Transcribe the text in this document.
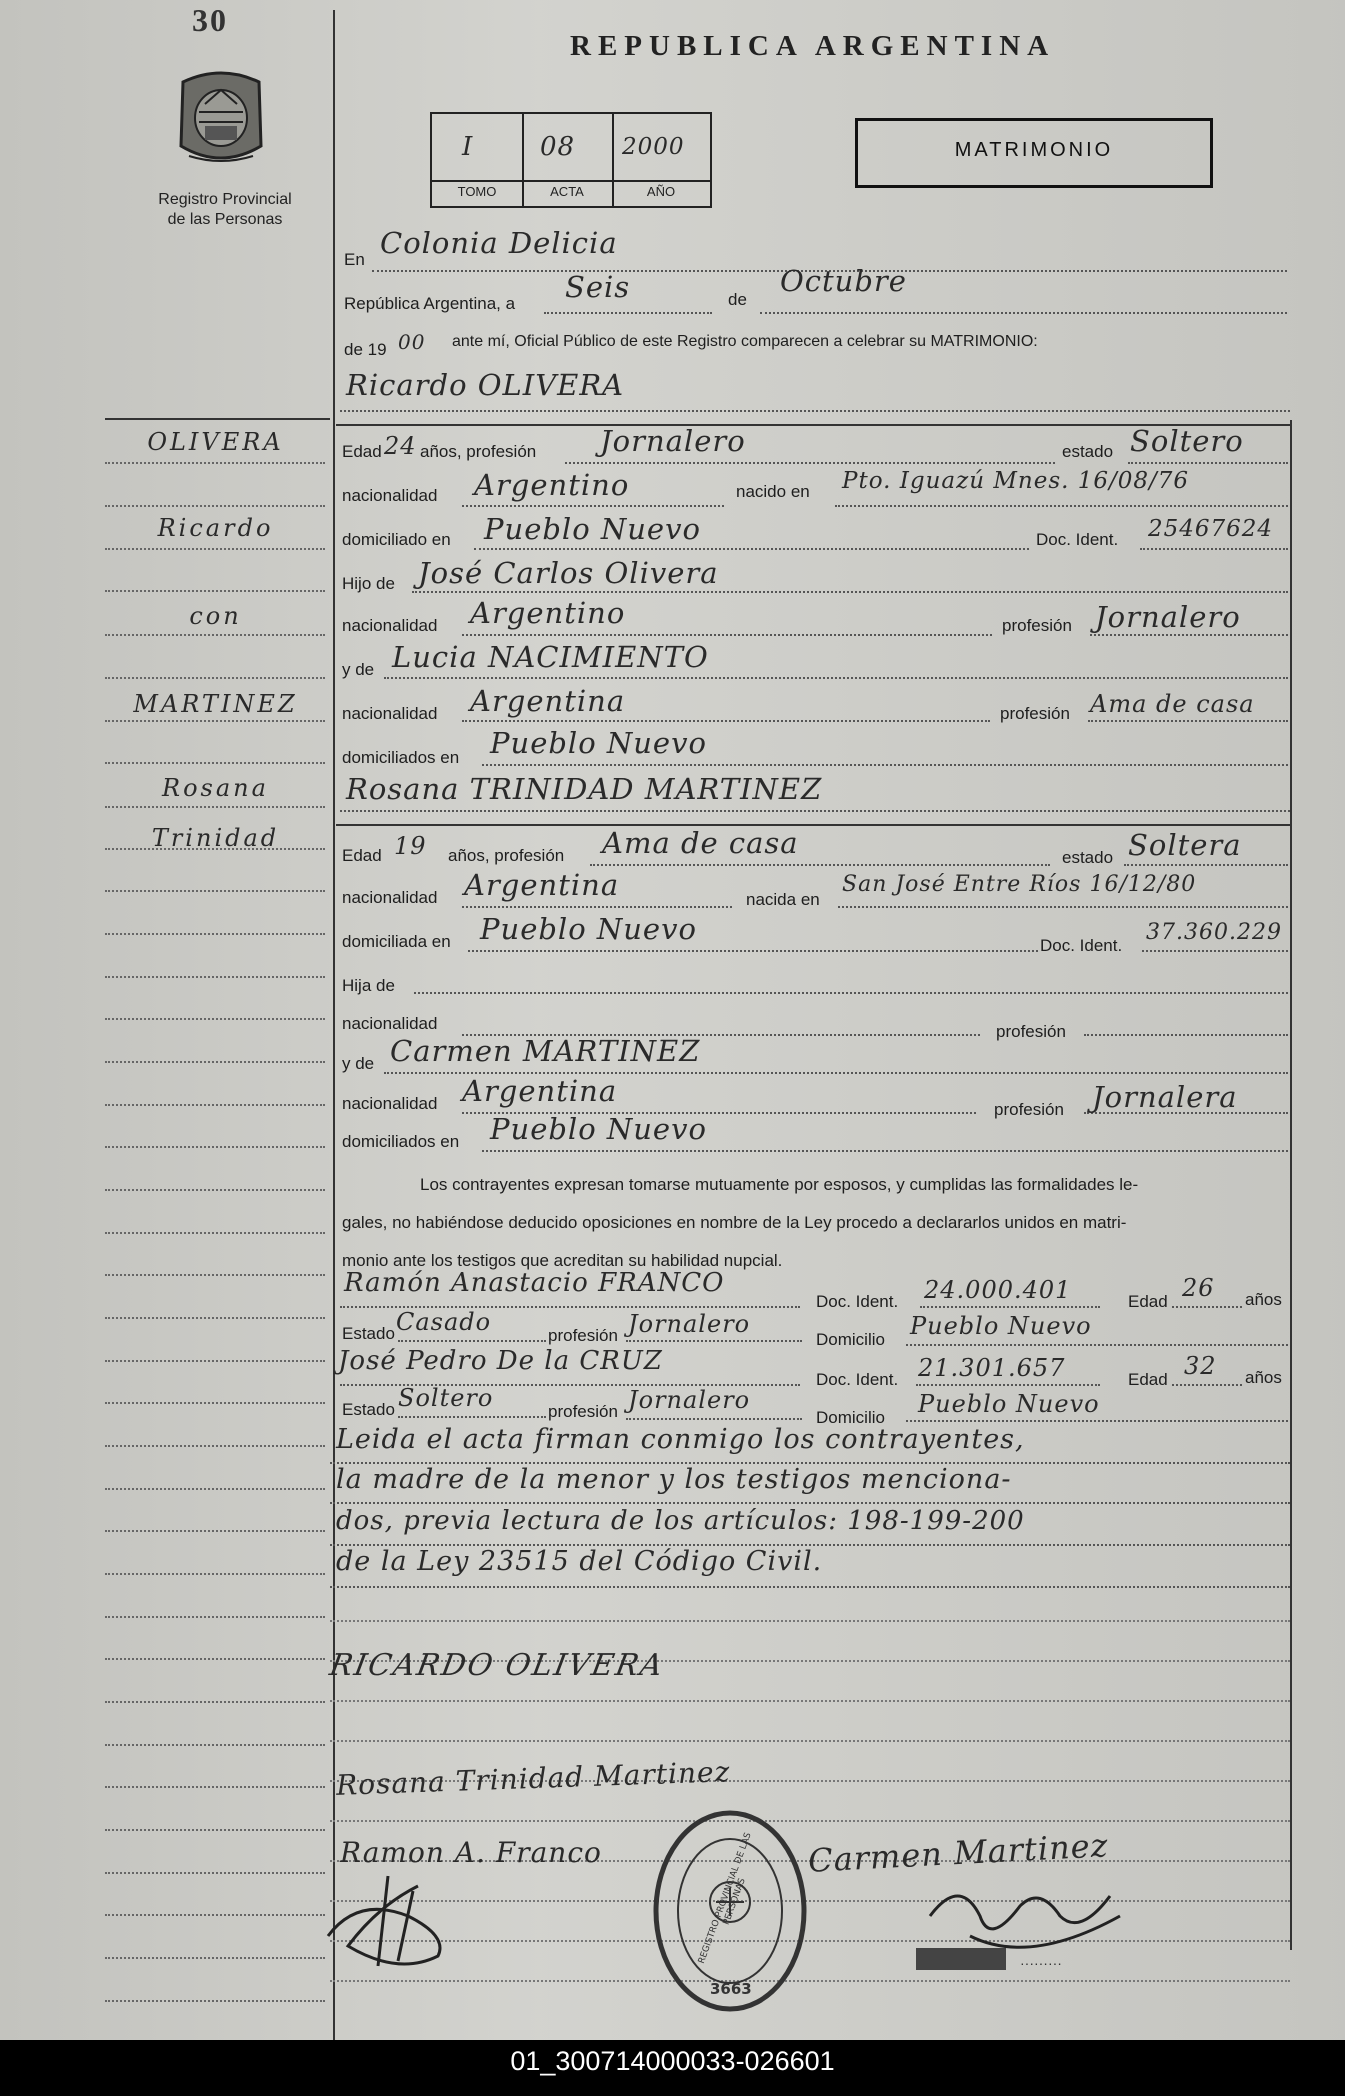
30
Registro Provincial
de las Personas
REPUBLICA ARGENTINA
I	08 2000
TOMO	ACTA	AÑO
MATRIMONIO
En Colonia Delicia
República Argentina, a Seis	de
Octubre
de 19 00 ante mí, Oficial Público de este Registro comparecen a celebrar su MATRIMONIO:
OLIVERA
Ricardo
con
MARTINEZ
Rosana
Trinidad
Ricardo OLIVERA
Edad 24 años, profesión Jornalero	estado Soltero
nacionalidad Argentino	nacido en Pto. Iguazú Mnes. 16/08/76
domiciliado en Pueblo Nuevo	Doc. Ident. 25467624
Hijo de José Carlos Olivera
nacionalidad Argentino	profesión Jornalero
y de Lucia NACIMIENTO
nacionalidad Argentina	profesión Ama de casa
domiciliados en Pueblo Nuevo
Rosana TRINIDAD MARTINEZ
Edad 19 años, profesión Ama de casa	estado Soltera
nacionalidad Argentina	nacida en
San José Entre Ríos 16/12/80
domiciliada en Pueblo Nuevo	Doc. Ident.
37.360.229
Hija de
nacionalidad	profesión
y de Carmen MARTINEZ
nacionalidad Argentina
profesión Jornalera
domiciliados en Pueblo Nuevo
Los contrayentes expresan tomarse mutuamente por esposos, y cumplidas las formalidades le-
gales, no habiéndose deducido oposiciones en nombre de la Ley procedo a declararlos unidos en matri-
monio ante los testigos que acreditan su habilidad nupcial.
Ramón Anastacio FRANCO
Doc. Ident. 24.000.401	Edad 26 años
Estado Casado	profesión Jornalero
Domicilio Pueblo Nuevo
José Pedro De la CRUZ
Doc. Ident. 21.301.657	Edad 32 años
Estado Soltero	profesión Jornalero
Domicilio Pueblo Nuevo
Leida el acta firman conmigo los contrayentes,
la madre de la menor y los testigos menciona-
dos, previa lectura de los artículos: 198-199-200
de la Ley 23515 del Código Civil.
RICARDO OLIVERA
Rosana Trinidad Martinez
Ramon A. Franco	Carmen Martinez
·········
REGISTRO PROVINCIAL DE LAS PERSONAS
3663
01_300714000033-026601
